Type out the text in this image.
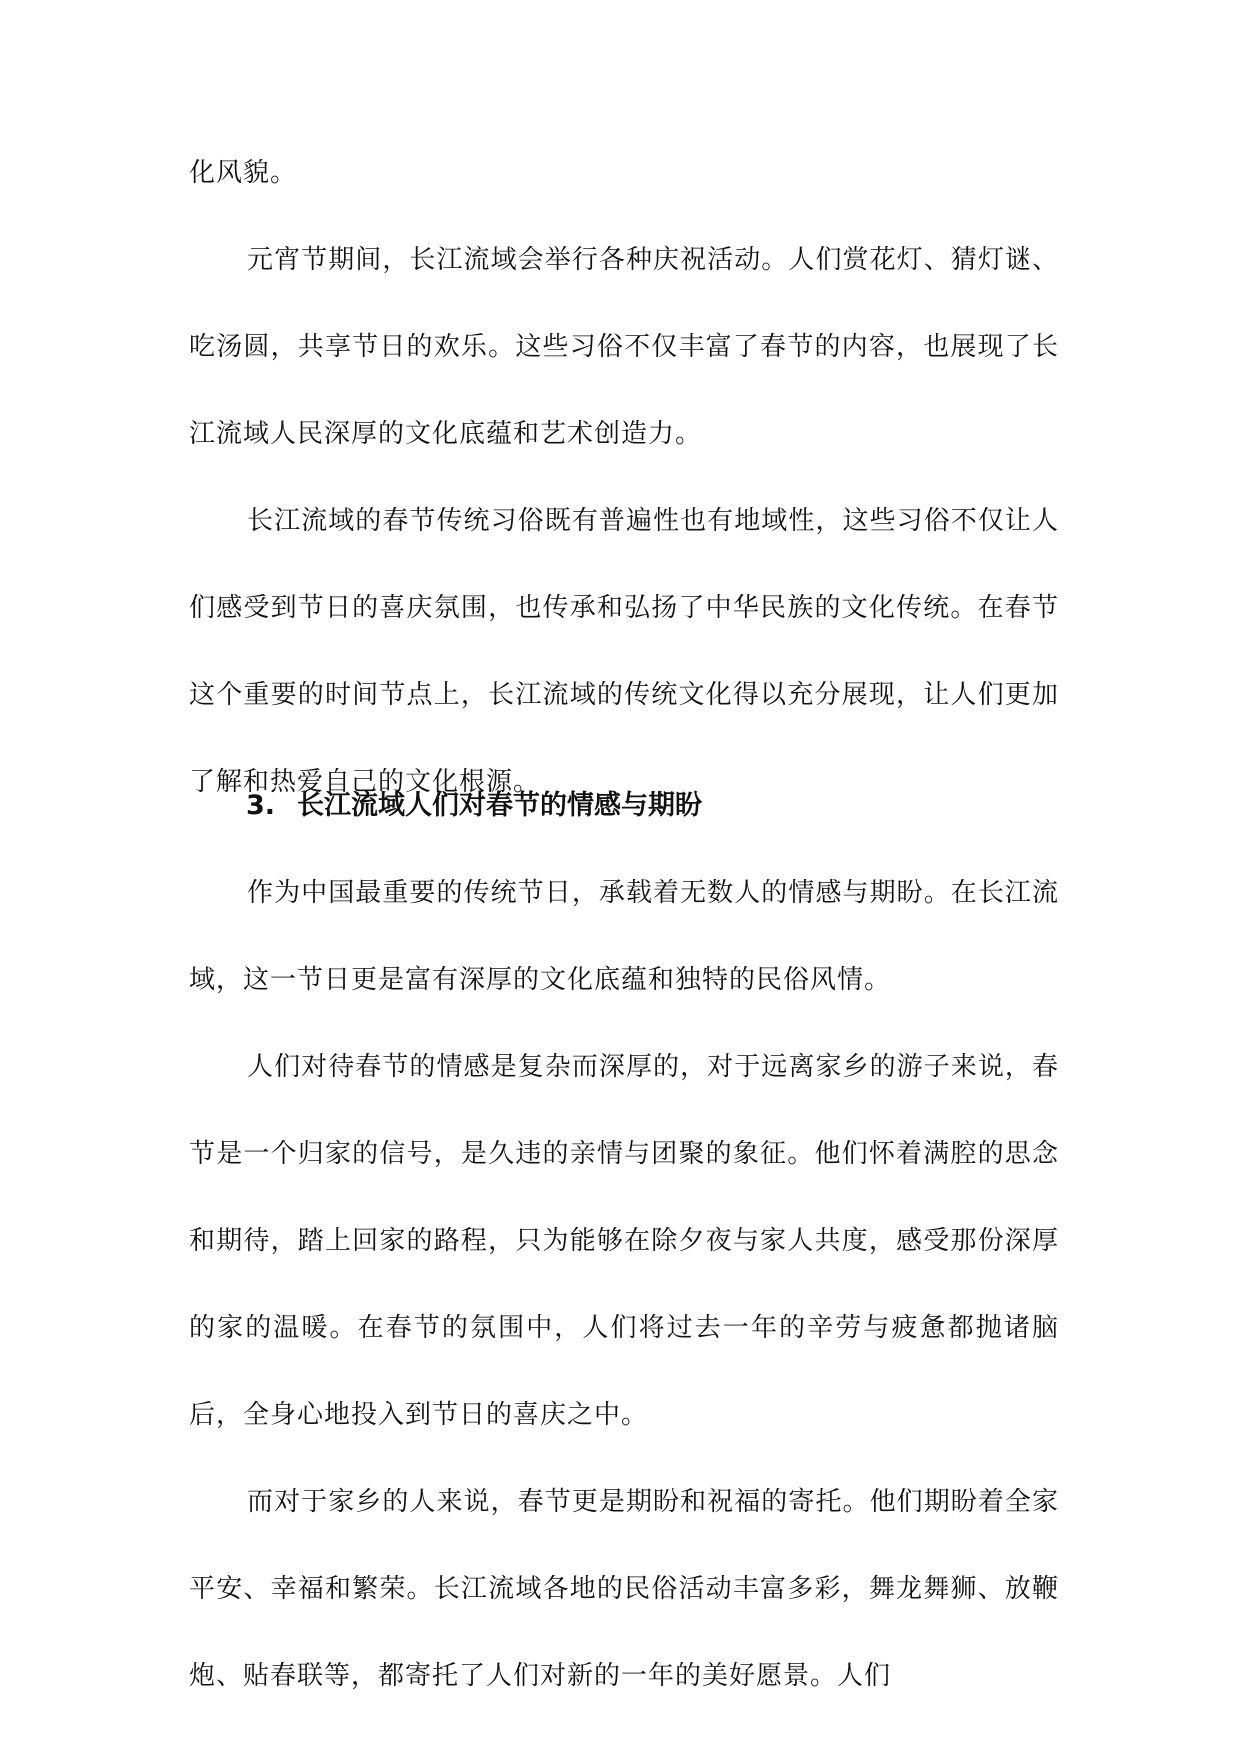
化风貌。

元宵节期间，长江流域会举行各种庆祝活动。人们赏花灯、猜灯谜、吃汤圆，共享节日的欢乐。这些习俗不仅丰富了春节的内容，也展现了长江流域人民深厚的文化底蕴和艺术创造力。

长江流域的春节传统习俗既有普遍性也有地域性，这些习俗不仅让人们感受到节日的喜庆氛围，也传承和弘扬了中华民族的文化传统。在春节这个重要的时间节点上，长江流域的传统文化得以充分展现，让人们更加了解和热爱自己的文化根源。

3. 长江流域人们对春节的情感与期盼

作为中国最重要的传统节日，承载着无数人的情感与期盼。在长江流域，这一节日更是富有深厚的文化底蕴和独特的民俗风情。

人们对待春节的情感是复杂而深厚的，对于远离家乡的游子来说，春节是一个归家的信号，是久违的亲情与团聚的象征。他们怀着满腔的思念和期待，踏上回家的路程，只为能够在除夕夜与家人共度，感受那份深厚的家的温暖。在春节的氛围中，人们将过去一年的辛劳与疲惫都抛诸脑后，全身心地投入到节日的喜庆之中。

而对于家乡的人来说，春节更是期盼和祝福的寄托。他们期盼着全家平安、幸福和繁荣。长江流域各地的民俗活动丰富多彩，舞龙舞狮、放鞭炮、贴春联等，都寄托了人们对新的一年的美好愿景。人们
